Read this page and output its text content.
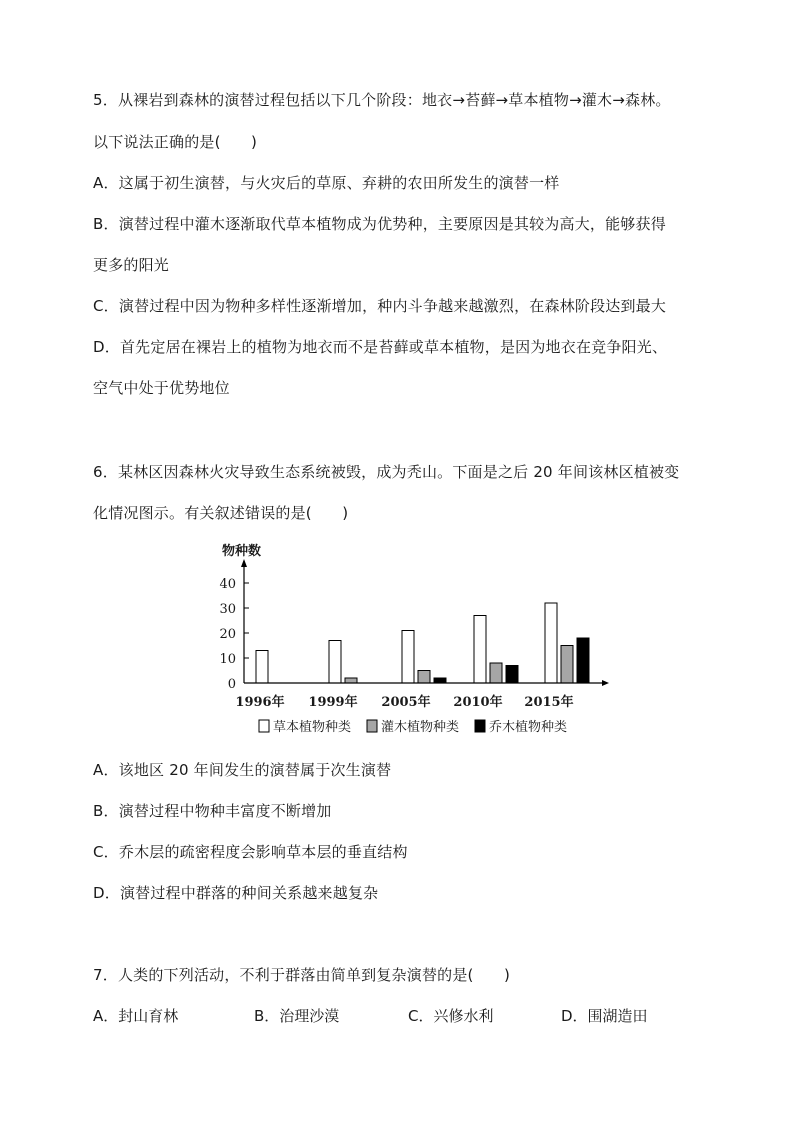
5．从裸岩到森林的演替过程包括以下几个阶段：地衣→苔藓→草本植物→灌木→森林。
以下说法正确的是(　　)
A．这属于初生演替，与火灾后的草原、弃耕的农田所发生的演替一样
B．演替过程中灌木逐渐取代草本植物成为优势种，主要原因是其较为高大，能够获得
更多的阳光
C．演替过程中因为物种多样性逐渐增加，种内斗争越来越激烈，在森林阶段达到最大
D．首先定居在裸岩上的植物为地衣而不是苔藓或草本植物，是因为地衣在竞争阳光、
空气中处于优势地位
6．某林区因森林火灾导致生态系统被毁，成为秃山。下面是之后 20 年间该林区植被变
化情况图示。有关叙述错误的是(　　)
物种数
0
10
20
30
40
1996年 1999年 2005年 2010年 2015年
草本植物种类 灌木植物种类 乔木植物种类
A．该地区 20 年间发生的演替属于次生演替
B．演替过程中物种丰富度不断增加
C．乔木层的疏密程度会影响草本层的垂直结构
D．演替过程中群落的种间关系越来越复杂
7．人类的下列活动，不利于群落由简单到复杂演替的是(　　)
A．封山育林	B．治理沙漠	C．兴修水利	D．围湖造田
